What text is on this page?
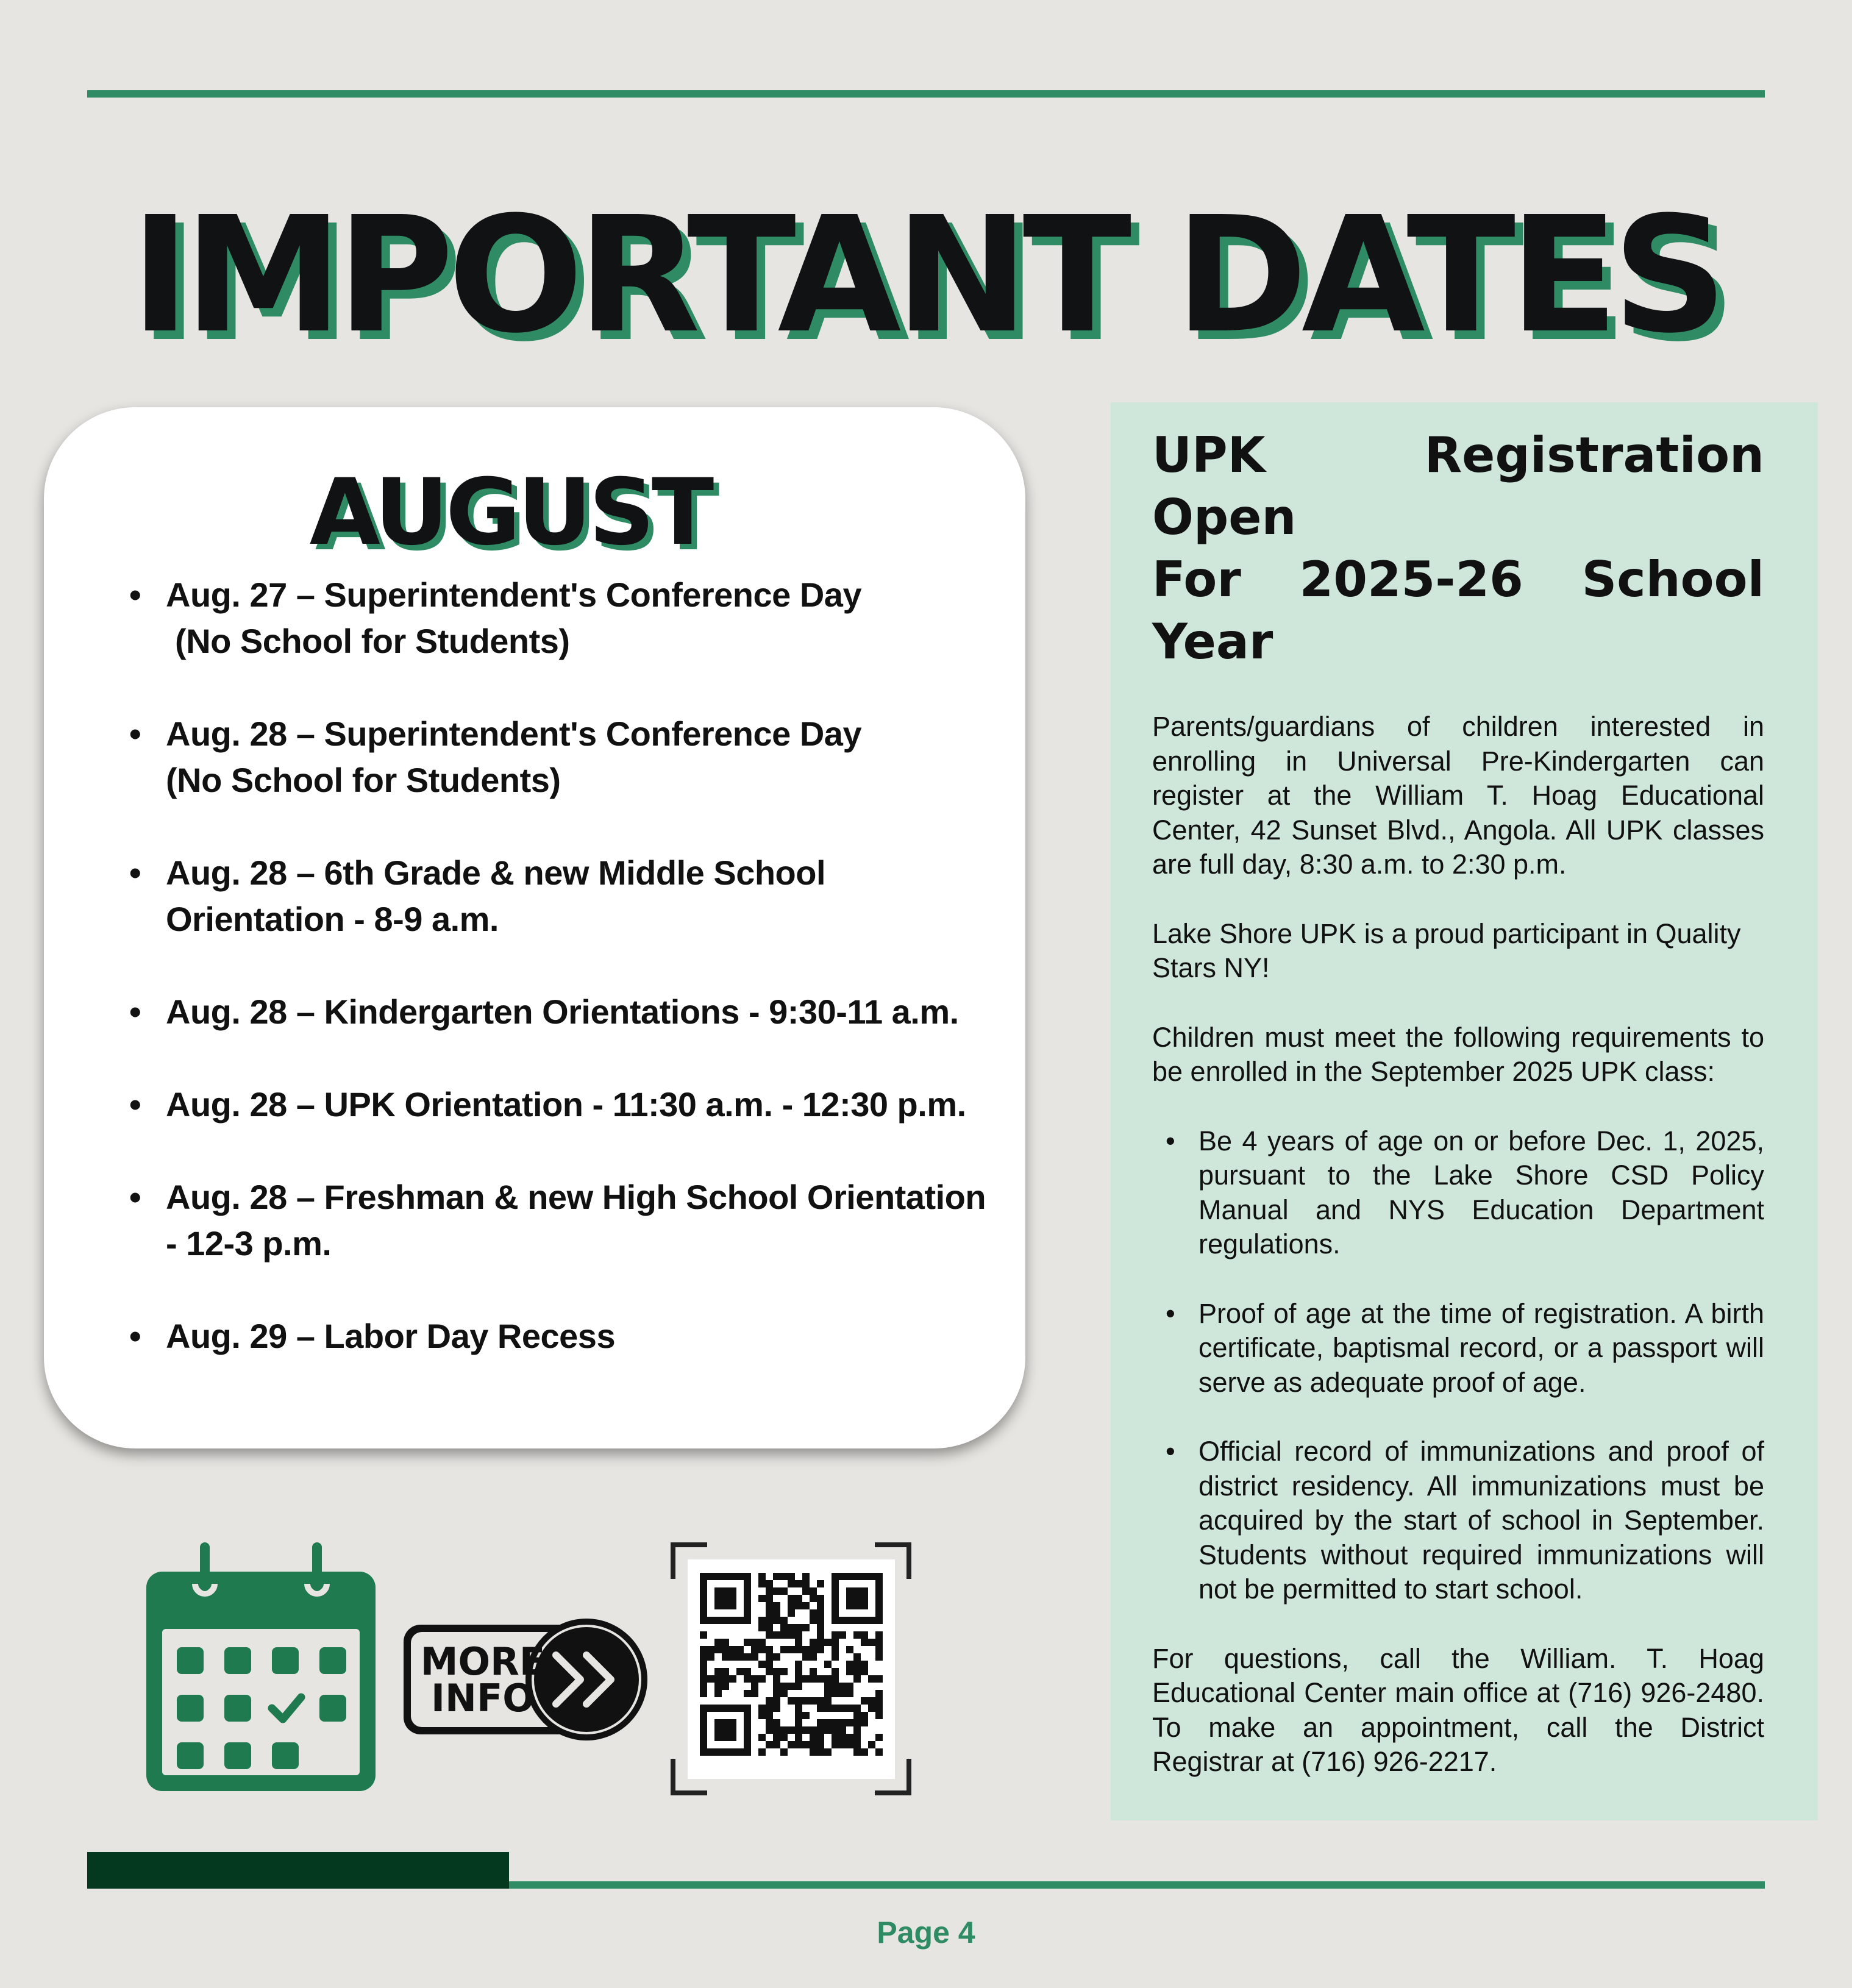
IMPORTANT DATES
AUGUST
• Aug. 27 – Superintendent's Conference Day
(No School for Students)
• Aug. 28 – Superintendent's Conference Day
(No School for Students)
• Aug. 28 – 6th Grade & new Middle School
Orientation - 8-9 a.m.
• Aug. 28 – Kindergarten Orientations - 9:30-11 a.m.
• Aug. 28 – UPK Orientation - 11:30 a.m. - 12:30 p.m.
• Aug. 28 – Freshman & new High School Orientation
- 12-3 p.m.
• Aug. 29 – Labor Day Recess
UPK Registration Open
For 2025-26 School Year

Parents/guardians of children interested in enrolling in Universal Pre-Kindergarten can register at the William T. Hoag Educational Center, 42 Sunset Blvd., Angola. All UPK classes are full day, 8:30 a.m. to 2:30 p.m.

Lake Shore UPK is a proud participant in Quality Stars NY!

Children must meet the following requirements to be enrolled in the September 2025 UPK class:

• Be 4 years of age on or before Dec. 1, 2025, pursuant to the Lake Shore CSD Policy Manual and NYS Education Department regulations.
• Proof of age at the time of registration. A birth certificate, baptismal record, or a passport will serve as adequate proof of age.
• Official record of immunizations and proof of district residency. All immunizations must be acquired by the start of school in September. Students without required immunizations will not be permitted to start school.

For questions, call the William. T. Hoag Educational Center main office at (716) 926-2480. To make an appointment, call the District Registrar at (716) 926-2217.

MORE
INFO
Page 4
